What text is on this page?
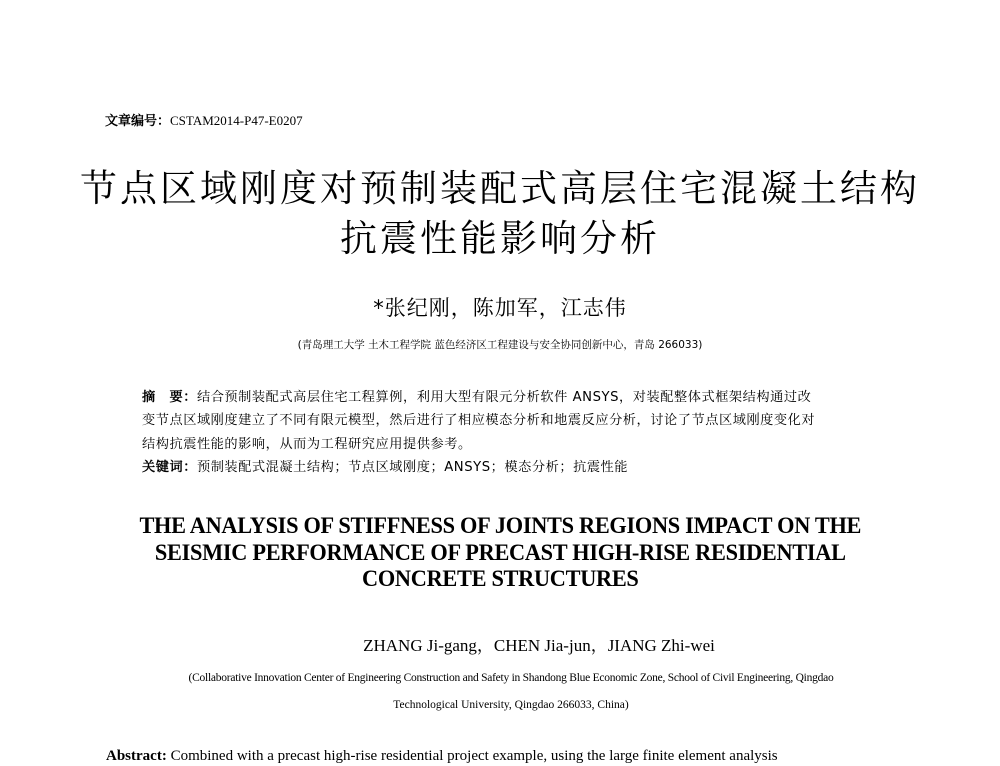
文章编号：CSTAM2014-P47-E0207
节点区域刚度对预制装配式高层住宅混凝土结构
抗震性能影响分析
*张纪刚，陈加军，江志伟
(青岛理工大学 土木工程学院 蓝色经济区工程建设与安全协同创新中心，青岛 266033)
摘　要：结合预制装配式高层住宅工程算例，利用大型有限元分析软件 ANSYS，对装配整体式框架结构通过改
变节点区域刚度建立了不同有限元模型，然后进行了相应模态分析和地震反应分析，讨论了节点区域刚度变化对
结构抗震性能的影响，从而为工程研究应用提供参考。
关键词：预制装配式混凝土结构；节点区域刚度；ANSYS；模态分析；抗震性能
THE ANALYSIS OF STIFFNESS OF JOINTS REGIONS IMPACT ON THE
SEISMIC PERFORMANCE OF PRECAST HIGH-RISE RESIDENTIAL
CONCRETE STRUCTURES
ZHANG Ji-gang，CHEN Jia-jun，JIANG Zhi-wei
(Collaborative Innovation Center of Engineering Construction and Safety in Shandong Blue Economic Zone, School of Civil Engineering, Qingdao
Technological University, Qingdao 266033, China)
Abstract: Combined with a precast high-rise residential project example, using the large finite element analysis
